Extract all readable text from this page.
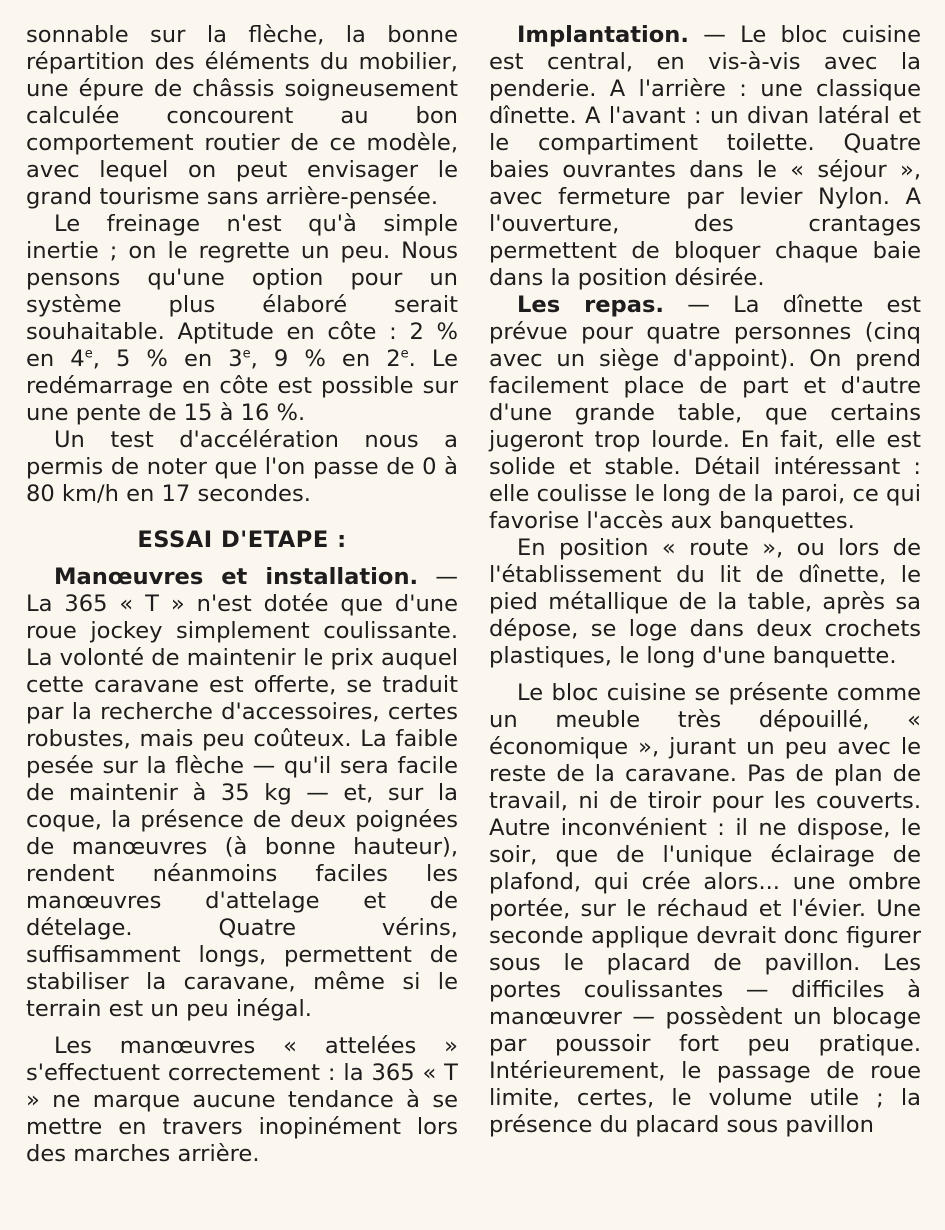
sonnable sur la flèche, la bonne répartition des éléments du mobilier, une épure de châssis soigneusement calculée concourent au bon comportement routier de ce modèle, avec lequel on peut envisager le grand tourisme sans arrière-pensée.

Le freinage n'est qu'à simple inertie ; on le regrette un peu. Nous pensons qu'une option pour un système plus élaboré serait souhaitable. Aptitude en côte : 2 % en 4e, 5 % en 3e, 9 % en 2e. Le redémarrage en côte est possible sur une pente de 15 à 16 %.

Un test d'accélération nous a permis de noter que l'on passe de 0 à 80 km/h en 17 secondes.

ESSAI D'ETAPE :

Manœuvres et installation. — La 365 « T » n'est dotée que d'une roue jockey simplement coulissante. La volonté de maintenir le prix auquel cette caravane est offerte, se traduit par la recherche d'accessoires, certes robustes, mais peu coûteux. La faible pesée sur la flèche — qu'il sera facile de maintenir à 35 kg — et, sur la coque, la présence de deux poignées de manœuvres (à bonne hauteur), rendent néanmoins faciles les manœuvres d'attelage et de dételage. Quatre vérins, suffisamment longs, permettent de stabiliser la caravane, même si le terrain est un peu inégal.

Les manœuvres « attelées » s'effectuent correctement : la 365 « T » ne marque aucune tendance à se mettre en travers inopinément lors des marches arrière.

Implantation. — Le bloc cuisine est central, en vis-à-vis avec la penderie. A l'arrière : une classique dînette. A l'avant : un divan latéral et le compartiment toilette. Quatre baies ouvrantes dans le « séjour », avec fermeture par levier Nylon. A l'ouverture, des crantages permettent de bloquer chaque baie dans la position désirée.

Les repas. — La dînette est prévue pour quatre personnes (cinq avec un siège d'appoint). On prend facilement place de part et d'autre d'une grande table, que certains jugeront trop lourde. En fait, elle est solide et stable. Détail intéressant : elle coulisse le long de la paroi, ce qui favorise l'accès aux banquettes.

En position « route », ou lors de l'établissement du lit de dînette, le pied métallique de la table, après sa dépose, se loge dans deux crochets plastiques, le long d'une banquette.

Le bloc cuisine se présente comme un meuble très dépouillé, « économique », jurant un peu avec le reste de la caravane. Pas de plan de travail, ni de tiroir pour les couverts. Autre inconvénient : il ne dispose, le soir, que de l'unique éclairage de plafond, qui crée alors... une ombre portée, sur le réchaud et l'évier. Une seconde applique devrait donc figurer sous le placard de pavillon. Les portes coulissantes — difficiles à manœuvrer — possèdent un blocage par poussoir fort peu pratique. Intérieurement, le passage de roue limite, certes, le volume utile ; la présence du placard sous pavillon
